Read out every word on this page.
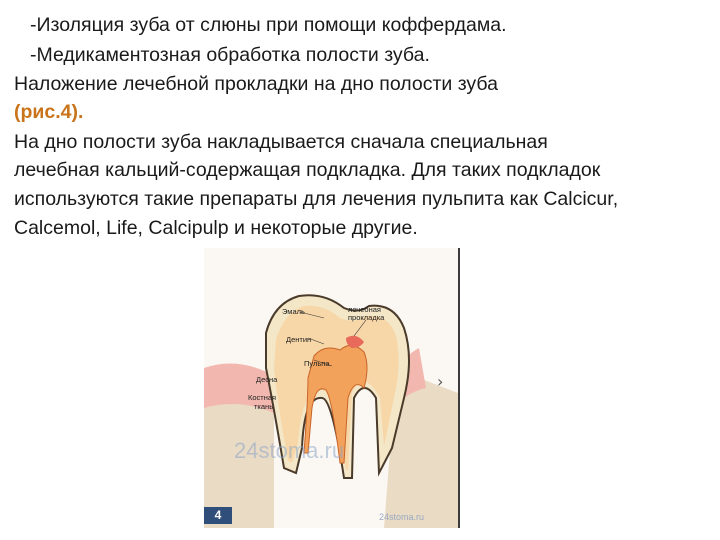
-Изоляция зуба от слюны при помощи коффердама.
-Медикаментозная обработка полости зуба.
Наложение лечебной прокладки на дно полости зуба
(рис.4).
На дно полости зуба накладывается сначала специальная
лечебная кальций-содержащая подкладка. Для таких подкладок
используются такие препараты для лечения пульпита как Calcicur,
Calcemol, Life, Calcipulp и некоторые другие.
Эмаль	лечебная
прокладка
Дентин
Пульпа
Десна
Костная
ткань
24stoma.ru
4	24stoma.ru
›
